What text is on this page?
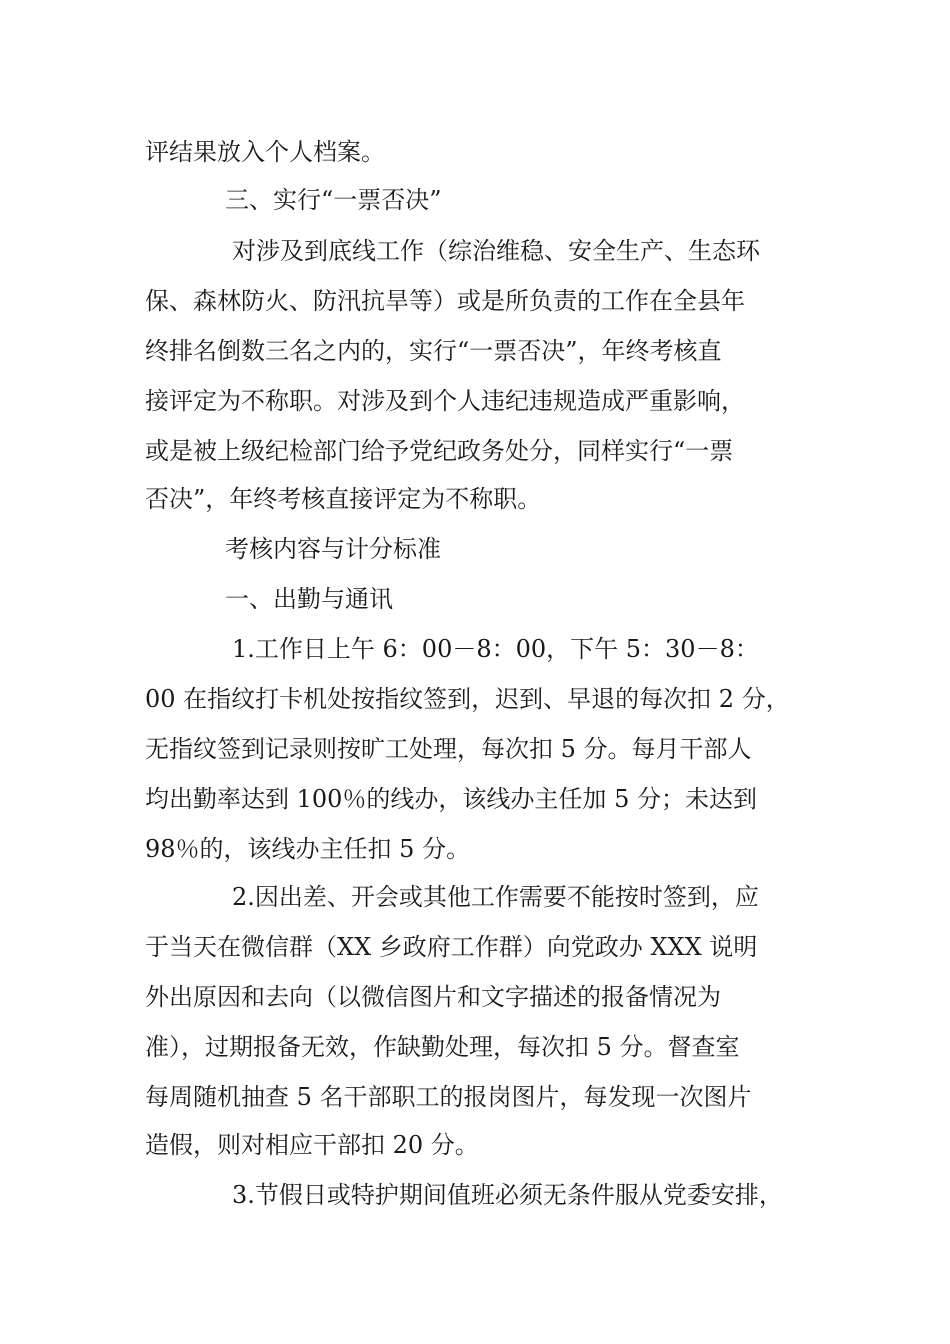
评结果放入个人档案。
三、实行“一票否决”
对涉及到底线工作（综治维稳、安全生产、生态环
保、森林防火、防汛抗旱等）或是所负责的工作在全县年
终排名倒数三名之内的，实行“一票否决”，年终考核直
接评定为不称职。对涉及到个人违纪违规造成严重影响，
或是被上级纪检部门给予党纪政务处分，同样实行“一票
否决”，年终考核直接评定为不称职。
考核内容与计分标准
一、出勤与通讯
1.工作日上午 6：00－8：00，下午 5：30－8：
00 在指纹打卡机处按指纹签到，迟到、早退的每次扣 2 分，
无指纹签到记录则按旷工处理，每次扣 5 分。每月干部人
均出勤率达到 100％的线办，该线办主任加 5 分；未达到
98％的，该线办主任扣 5 分。
2.因出差、开会或其他工作需要不能按时签到，应
于当天在微信群（XX 乡政府工作群）向党政办 XXX 说明
外出原因和去向（以微信图片和文字描述的报备情况为
准），过期报备无效，作缺勤处理，每次扣 5 分。督查室
每周随机抽查 5 名干部职工的报岗图片，每发现一次图片
造假，则对相应干部扣 20 分。
3.节假日或特护期间值班必须无条件服从党委安排，
